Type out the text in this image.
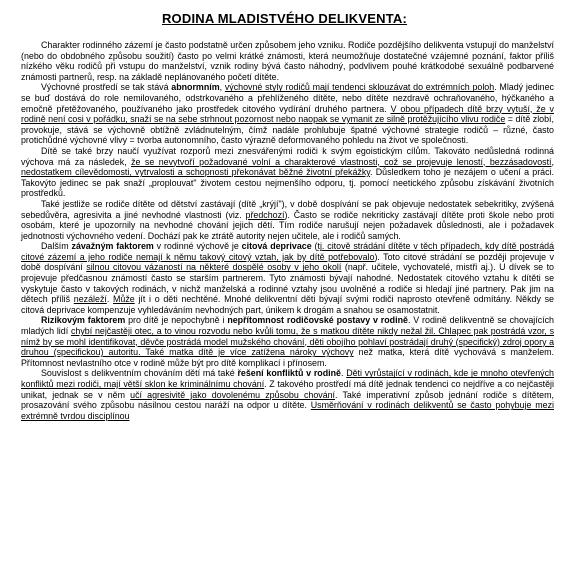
RODINA MLADISTVÉHO DELIKVENTA:

Charakter rodinného zázemí je často podstatně určen způsobem jeho vzniku. Rodiče pozdějšího delikventa vstupují do manželství (nebo do obdobného způsobu soužití) často po velmi krátké známosti, která neumožňuje dostatečné vzájemné poznání, faktor příliš nízkého věku rodičů při vstupu do manželství, vznik rodiny bývá často náhodný, podvlivem pouhé krátkodobé sexuálně podbarvené známosti partnerů, resp. na základě neplánovaného početí dítěte.

Výchovné prostředí se tak stává abnormním, výchovné styly rodičů mají tendenci sklouzávat do extrémních poloh. Mladý jedinec se buď dostává do role nemilovaného, odstrkovaného a přehlíženého dítěte, nebo dítěte nezdravě ochraňovaného, hýčkaného a emočně přetěžovaného, používaného jako prostředek citového vydírání druhého partnera. V obou případech dítě brzy vytuší, že v rodině není cosi v pořádku, snaží se na sebe strhnout pozornost nebo naopak se vymanit ze silně protěžujícího vlivu rodiče = dítě zlobí, provokuje, stává se výchovně obtížně zvládnutelným, čímž nadále prohlubuje špatné výchovné strategie rodičů – různé, často protichůdné výchovné vlivy = tvorba autonomního, často výrazně deformovaného pohledu na život ve společnosti.

Dítě se také brzy naučí využívat rozporů mezi znesvářenými rodiči k svým egoistickým cílům. Takováto nedůsledná rodinná výchova má za následek, že se nevytvoří požadované volní a charakterové vlastnosti, což se projevuje leností, bezzásadovostí, nedostatkem cílevědomosti, vytrvalosti a schopnosti překonávat běžné životní překážky. Důsledkem toho je nezájem o učení a práci. Takovýto jedinec se pak snaží „proplouvat" životem cestou nejmenšího odporu, tj. pomocí neetického způsobu získávání životních prostředků.

Také jestliže se rodiče dítěte od dětství zastávají (dítě „krýjí"), v době dospívání se pak objevuje nedostatek sebekritiky, zvýšená sebedůvěra, agresivita a jiné nevhodné vlastnosti (viz. předchozí). Často se rodiče nekriticky zastávají dítěte proti škole nebo proti osobám, které je upozornily na nevhodné chování jejich dětí. Tím rodiče narušují nejen požadavek důslednosti, ale i požadavek jednotnosti výchovného vedení. Dochází pak ke ztrátě autority nejen učitele, ale i rodičů samých.

Dalším závažným faktorem v rodinné výchově je citová deprivace (tj. citově strádání dítěte v těch případech, kdy dítě postrádá citové zázemí a jeho rodiče nemají k němu takový citový vztah, jak by dítě potřebovalo). Toto citové strádání se později projevuje v době dospívání silnou citovou vázaností na některé dospělé osoby v jeho okolí (např. učitele, vychovatelé, mistři aj.). U dívek se to projevuje předčasnou známostí často se starším partnerem. Tyto známosti bývají nahodné. Nedostatek citového vztahu k dítěti se vyskytuje často v takových rodinách, v nichž manželská a rodinné vztahy jsou uvolněné a rodiče si hledají jiné partnery. Pak jim na dětech příliš nezáleží. Může jít i o děti nechtěné. Mnohé delikventní děti bývají svými rodiči naprosto otevřeně odmítány. Někdy se citová deprivace kompenzuje vyhledáváním nevhodných part, únikem k drogám a snahou se osamostatnit.

Rizikovým faktorem pro dítě je nepochybně i nepřítomnost rodičovské postavy v rodině. V rodině delikventně se chovajících mladých lidí chybí nejčastěji otec, a to vinou rozvodu nebo kvůli tomu, že s matkou dítěte nikdy nežal žil. Chlapec pak postrádá vzor, s nímž by se mohl identifikovat, děvče postrádá model mužského chování, děti obojího pohlaví postrádají druhý (specifický) zdroj opory a druhou (specifickou) autoritu. Také matka dítě je více zatížena nároky výchovy než matka, která dítě vychovává s manželem. Přítomnost nevlastního otce v rodině může být pro dítě komplikací i přínosem.

Souvislost s delikventním chováním dětí má také řešení konfliktů v rodině. Děti vyrůstající v rodinách, kde je mnoho otevřených konfliktů mezi rodiči, mají větší sklon ke kriminálnímu chování. Z takového prostředí má dítě jednak tendenci co nejdříve a co nejčastěji unikat, jednak se v něm učí agresivitě jako dovolenému způsobu chování. Také imperativní způsob jednání rodiče s dítětem, prosazování svého způsobu násilnou cestou naráží na odpor u dítěte. Usměrňování v rodinách delikventů se často pohybuje mezi extrémně tvrdou disciplínou
